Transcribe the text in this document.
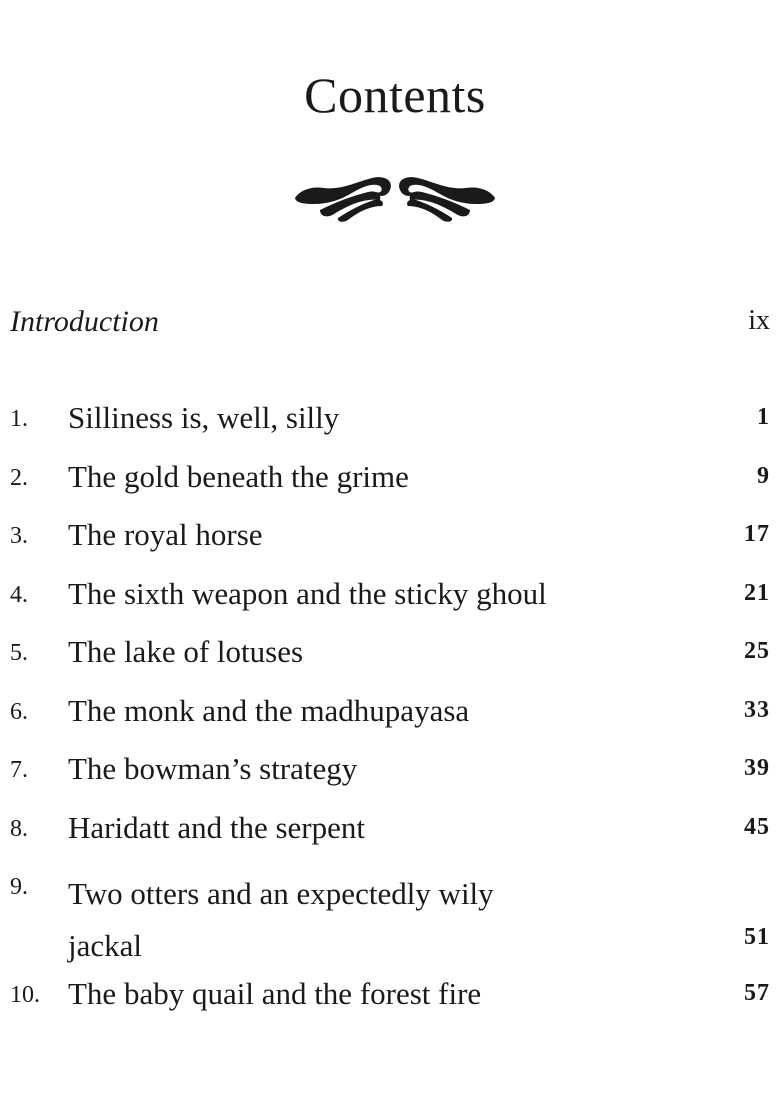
Contents
Introduction	ix
1.	Silliness is, well, silly	1
2.	The gold beneath the grime	9
3.	The royal horse	17
4.	The sixth weapon and the sticky ghoul	21
5.	The lake of lotuses	25
6.	The monk and the madhupayasa	33
7.	The bowman’s strategy	39
8.	Haridatt and the serpent	45
9.	Two otters and an expectedly wily jackal	51
10. The baby quail and the forest fire	57
